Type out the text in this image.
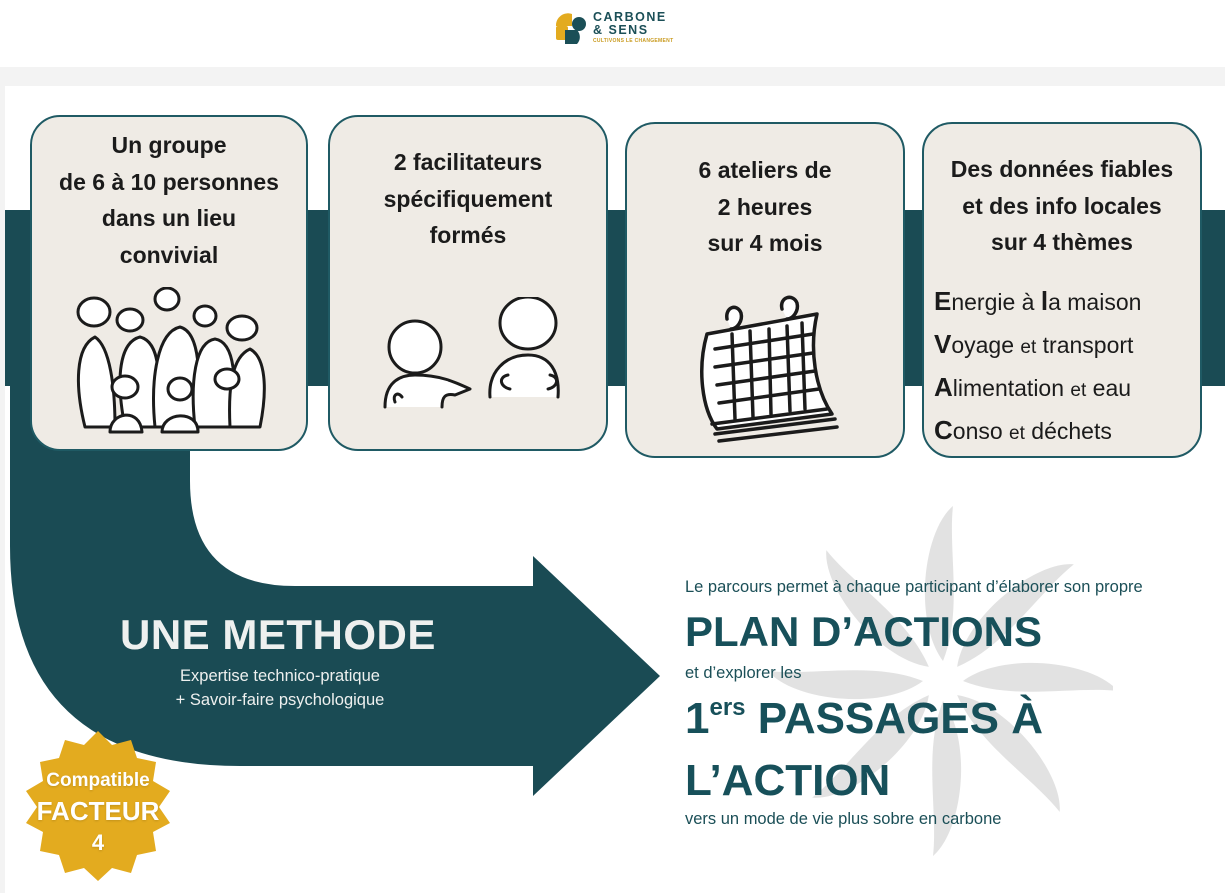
CARBONE
& SENS
CULTIVONS LE CHANGEMENT
Un groupe
de 6 à 10 personnes
dans un lieu
convivial
2 facilitateurs
spécifiquement
formés
6 ateliers de
2 heures
sur 4 mois
Des données fiables
et des info locales
sur 4 thèmes
Energie à la maison
Voyage et transport
Alimentation et eau
Conso et déchets
UNE METHODE
Expertise technico-pratique
+ Savoir-faire psychologique
Le parcours permet à chaque participant d’élaborer son propre
PLAN D’ACTIONS
et d’explorer les
1ers PASSAGES À
L’ACTION
vers un mode de vie plus sobre en carbone
Compatible
FACTEUR
4
